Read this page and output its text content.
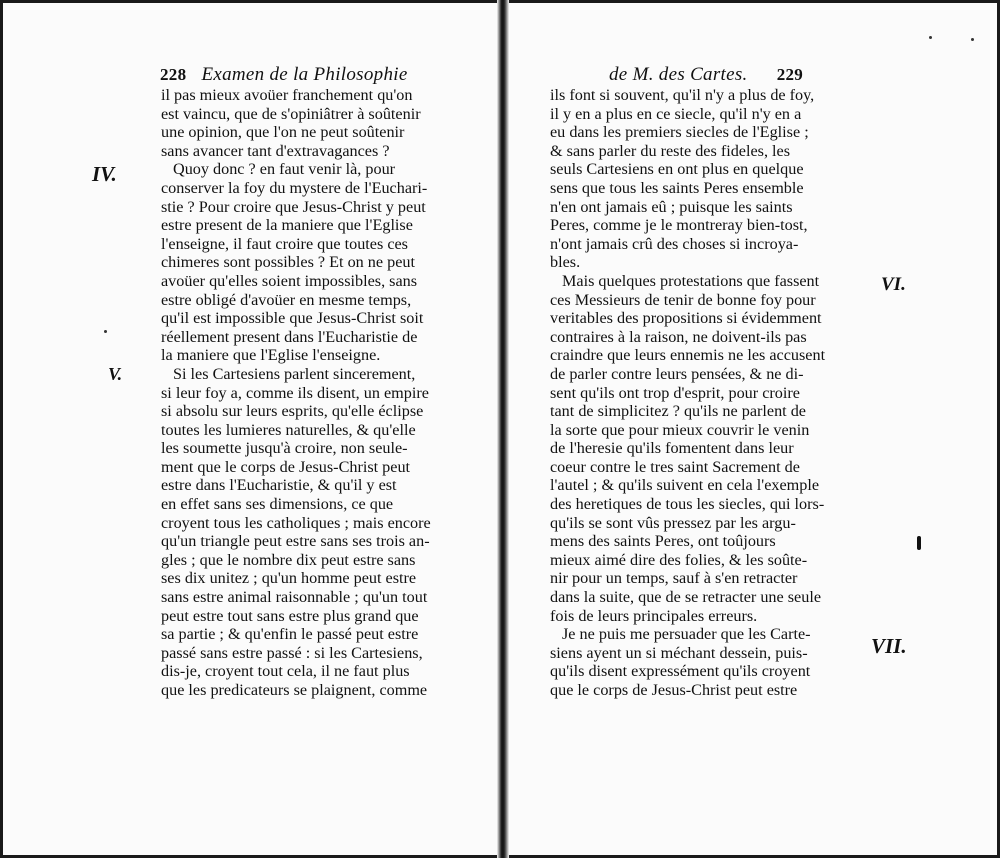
228 Examen de la Philosophie
il pas mieux avoüer franchement qu'on
est vaincu, que de s'opiniâtrer à soûtenir
une opinion, que l'on ne peut soûtenir
sans avancer tant d'extravagances ?
Quoy donc ? en faut venir là, pour
conserver la foy du mystere de l'Euchari-
stie ? Pour croire que Jesus-Christ y peut
estre present de la maniere que l'Eglise
l'enseigne, il faut croire que toutes ces
chimeres sont possibles ? Et on ne peut
avoüer qu'elles soient impossibles, sans
estre obligé d'avoüer en mesme temps,
qu'il est impossible que Jesus-Christ soit
réellement present dans l'Eucharistie de
la maniere que l'Eglise l'enseigne.
Si les Cartesiens parlent sincerement,
si leur foy a, comme ils disent, un empire
si absolu sur leurs esprits, qu'elle éclipse
toutes les lumieres naturelles, & qu'elle
les soumette jusqu'à croire, non seule-
ment que le corps de Jesus-Christ peut
estre dans l'Eucharistie, & qu'il y est
en effet sans ses dimensions, ce que
croyent tous les catholiques ; mais encore
qu'un triangle peut estre sans ses trois an-
gles ; que le nombre dix peut estre sans
ses dix unitez ; qu'un homme peut estre
sans estre animal raisonnable ; qu'un tout
peut estre tout sans estre plus grand que
sa partie ; & qu'enfin le passé peut estre
passé sans estre passé : si les Cartesiens,
dis-je, croyent tout cela, il ne faut plus
que les predicateurs se plaignent, comme
IV.
V.
de M. des Cartes. 229
ils font si souvent, qu'il n'y a plus de foy,
il y en a plus en ce siecle, qu'il n'y en a
eu dans les premiers siecles de l'Eglise ;
& sans parler du reste des fideles, les
seuls Cartesiens en ont plus en quelque
sens que tous les saints Peres ensemble
n'en ont jamais eû ; puisque les saints
Peres, comme je le montreray bien-tost,
n'ont jamais crû des choses si incroya-
bles.
Mais quelques protestations que fassent
ces Messieurs de tenir de bonne foy pour
veritables des propositions si évidemment
contraires à la raison, ne doivent-ils pas
craindre que leurs ennemis ne les accusent
de parler contre leurs pensées, & ne di-
sent qu'ils ont trop d'esprit, pour croire
tant de simplicitez ? qu'ils ne parlent de
la sorte que pour mieux couvrir le venin
de l'heresie qu'ils fomentent dans leur
coeur contre le tres saint Sacrement de
l'autel ; & qu'ils suivent en cela l'exemple
des heretiques de tous les siecles, qui lors-
qu'ils se sont vûs pressez par les argu-
mens des saints Peres, ont toûjours
mieux aimé dire des folies, & les soûte-
nir pour un temps, sauf à s'en retracter
dans la suite, que de se retracter une seule
fois de leurs principales erreurs.
Je ne puis me persuader que les Carte-
siens ayent un si méchant dessein, puis-
qu'ils disent expressément qu'ils croyent
que le corps de Jesus-Christ peut estre
VI.
VII.
